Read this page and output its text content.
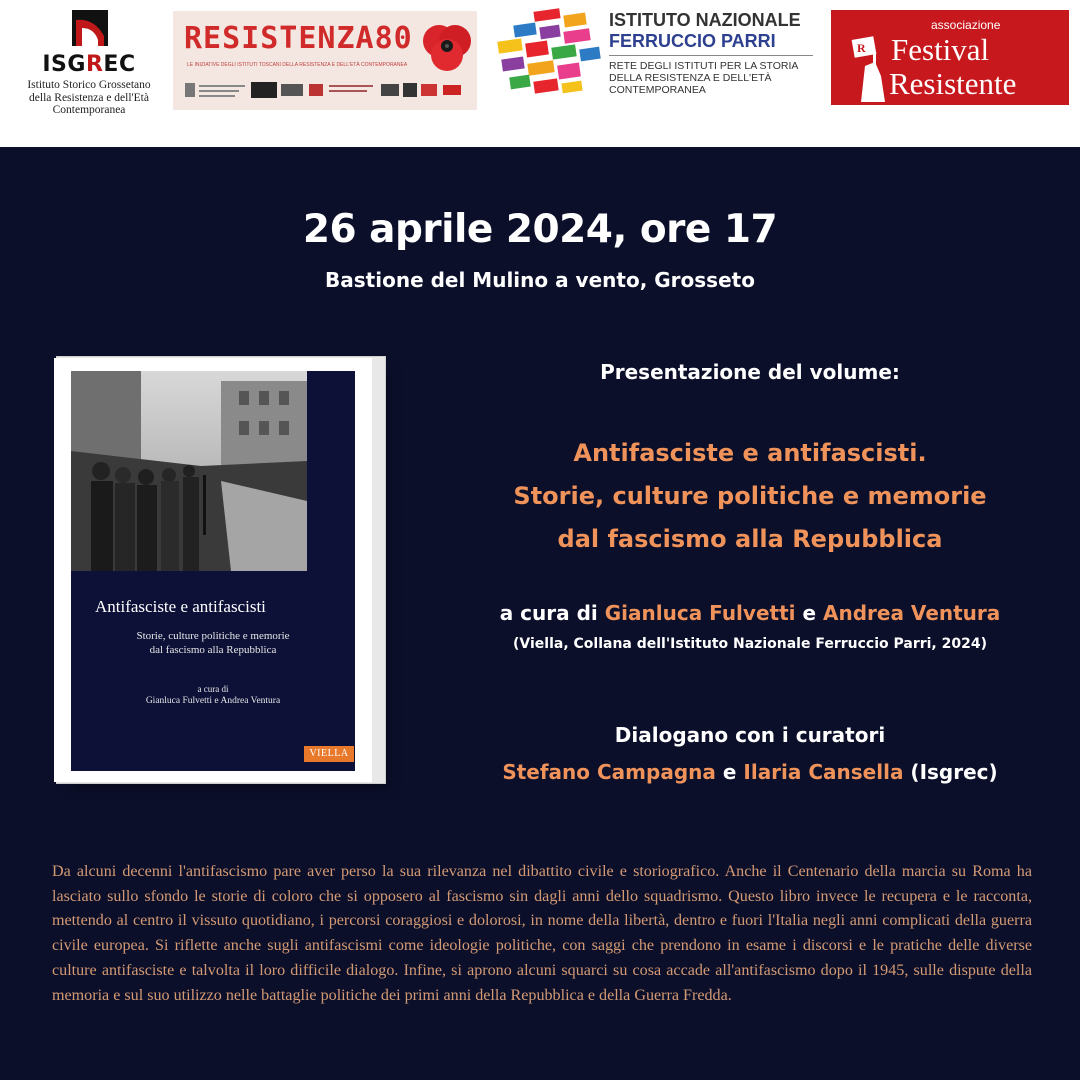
ISGREC
Istituto Storico Grossetano della Resistenza e dell'Età Contemporanea
RESISTENZA80
LE INIZIATIVE DEGLI ISTITUTI TOSCANI DELLA RESISTENZA E DELL'ETÀ CONTEMPORANEA
ISTITUTO NAZIONALE
FERRUCCIO PARRI
RETE DEGLI ISTITUTI PER LA STORIA DELLA RESISTENZA E DELL'ETÀ CONTEMPORANEA
R
associazione
Festival
Resistente
26 aprile 2024, ore 17
Bastione del Mulino a vento, Grosseto
Antifasciste e antifascisti
Storie, culture politiche e memorie
dal fascismo alla Repubblica
a cura di
Gianluca Fulvetti e Andrea Ventura
VIELLA
Presentazione del volume:
Antifasciste e antifascisti.
Storie, culture politiche e memorie
dal fascismo alla Repubblica
a cura di Gianluca Fulvetti e Andrea Ventura
(Viella, Collana dell'Istituto Nazionale Ferruccio Parri, 2024)
Dialogano con i curatori
Stefano Campagna e Ilaria Cansella (Isgrec)
Da alcuni decenni l'antifascismo pare aver perso la sua rilevanza nel dibattito civile e storiografico. Anche il Centenario della marcia su Roma ha lasciato sullo sfondo le storie di coloro che si opposero al fascismo sin dagli anni dello squadrismo. Questo libro invece le recupera e le racconta, mettendo al centro il vissuto quotidiano, i percorsi coraggiosi e dolorosi, in nome della libertà, dentro e fuori l'Italia negli anni complicati della guerra civile europea. Si riflette anche sugli antifascismi come ideologie politiche, con saggi che prendono in esame i discorsi e le pratiche delle diverse culture antifasciste e talvolta il loro difficile dialogo. Infine, si aprono alcuni squarci su cosa accade all'antifascismo dopo il 1945, sulle dispute della memoria e sul suo utilizzo nelle battaglie politiche dei primi anni della Repubblica e della Guerra Fredda.
